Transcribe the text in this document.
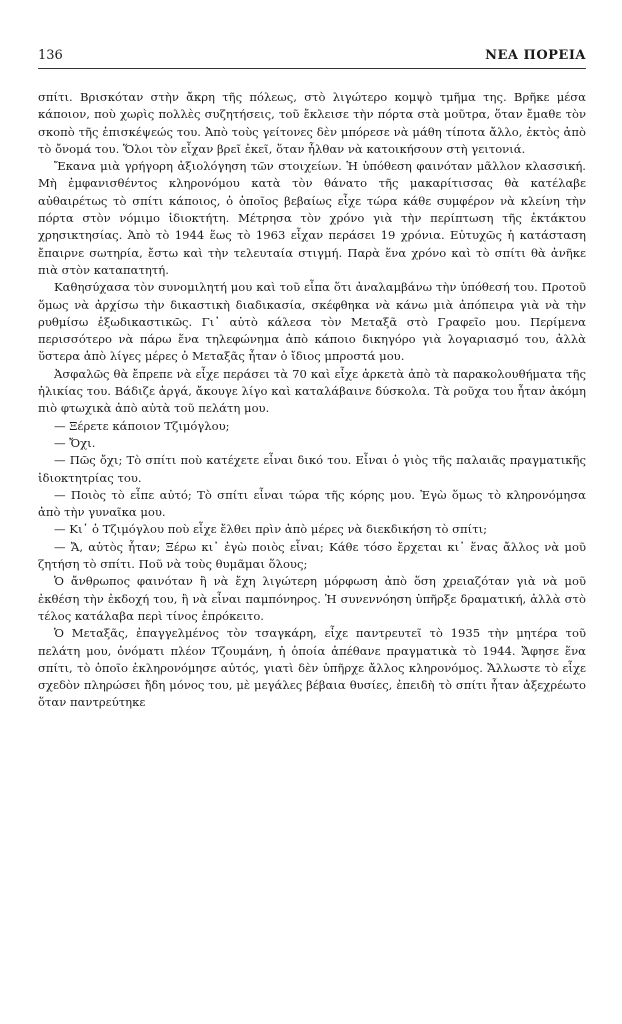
136	ΝΕΑ ΠΟΡΕΙΑ

σπίτι. Βρισκόταν στὴν ἄκρη τῆς πόλεως, στὸ λιγώτερο κομψὸ τμῆμα της. Βρῆκε μέσα κάποιον, ποὺ χωρὶς πολλὲς συζητήσεις, τοῦ ἔκλεισε τὴν πόρτα στὰ μοῦτρα, ὅταν ἔμαθε τὸν σκοπὸ τῆς ἐπισκέψεώς του. Ἀπὸ τοὺς γείτονες δὲν μπόρεσε νὰ μάθη τίποτα ἄλλο, ἐκτὸς ἀπὸ τὸ ὄνομά του. Ὅλοι τὸν εἶχαν βρεῖ ἐκεῖ, ὅταν ἦλθαν νὰ κατοικήσουν στὴ γειτονιά.

Ἔκανα μιὰ γρήγορη ἀξιολόγηση τῶν στοιχείων. Ἡ ὑπόθεση φαινόταν μᾶλλον κλασσική. Μὴ ἐμφανισθέντος κληρονόμου κατὰ τὸν θάνατο τῆς μακαρίτισσας θὰ κατέλαβε αὐθαιρέτως τὸ σπίτι κάποιος, ὁ ὁποῖος βεβαίως εἶχε τώρα κάθε συμφέρον νὰ κλείνη τὴν πόρτα στὸν νόμιμο ἰδιοκτήτη. Μέτρησα τὸν χρόνο γιὰ τὴν περίπτωση τῆς ἐκτάκτου χρησικτησίας. Ἀπὸ τὸ 1944 ἕως τὸ 1963 εἶχαν περάσει 19 χρόνια. Εὐτυχῶς ἡ κατάσταση ἔπαιρνε σωτηρία, ἔστω καὶ τὴν τελευταία στιγμή. Παρὰ ἕνα χρόνο καὶ τὸ σπίτι θὰ ἀνῆκε πιὰ στὸν καταπατητή.

Καθησύχασα τὸν συνομιλητή μου καὶ τοῦ εἶπα ὅτι ἀναλαμβάνω τὴν ὑπόθεσή του. Προτοῦ ὅμως νὰ ἀρχίσω τὴν δικαστικὴ διαδικασία, σκέφθηκα νὰ κάνω μιὰ ἀπόπειρα γιὰ νὰ τὴν ρυθμίσω ἐξωδικαστικῶς. Γι᾿ αὐτὸ κάλεσα τὸν Μεταξᾶ στὸ Γραφεῖο μου. Περίμενα περισσότερο νὰ πάρω ἕνα τηλεφώνημα ἀπὸ κάποιο δικηγόρο γιὰ λογαριασμό του, ἀλλὰ ὕστερα ἀπὸ λίγες μέρες ὁ Μεταξᾶς ἦταν ὁ ἴδιος μπροστά μου.

Ἀσφαλῶς θὰ ἔπρεπε νὰ εἶχε περάσει τὰ 70 καὶ εἶχε ἀρκετὰ ἀπὸ τὰ παρακολουθήματα τῆς ἡλικίας του. Βάδιζε ἀργά, ἄκουγε λίγο καὶ καταλάβαινε δύσκολα. Τὰ ροῦχα του ἦταν ἀκόμη πιὸ φτωχικὰ ἀπὸ αὐτὰ τοῦ πελάτη μου.

— Ξέρετε κάποιον Τζιμόγλου;

— Ὄχι.

— Πῶς ὄχι; Τὸ σπίτι ποὺ κατέχετε εἶναι δικό του. Εἶναι ὁ γιὸς τῆς παλαιᾶς πραγματικῆς ἰδιοκτητρίας του.

— Ποιὸς τὸ εἶπε αὐτό; Τὸ σπίτι εἶναι τώρα τῆς κόρης μου. Ἐγὼ ὅμως τὸ κληρονόμησα ἀπὸ τὴν γυναῖκα μου.

— Κι᾿ ὁ Τζιμόγλου ποὺ εἶχε ἔλθει πρὶν ἀπὸ μέρες νὰ διεκδικήση τὸ σπίτι;

— Ἄ, αὐτὸς ἦταν; Ξέρω κι᾿ ἐγὼ ποιὸς εἶναι; Κάθε τόσο ἔρχεται κι᾿ ἕνας ἄλλος νὰ μοῦ ζητήση τὸ σπίτι. Ποῦ νὰ τοὺς θυμᾶμαι ὅλους;

Ὁ ἄνθρωπος φαινόταν ἢ νὰ ἔχη λιγώτερη μόρφωση ἀπὸ ὅση χρειαζόταν γιὰ νὰ μοῦ ἐκθέση τὴν ἐκδοχή του, ἢ νὰ εἶναι παμπόνηρος. Ἡ συνεννόηση ὑπῆρξε δραματική, ἀλλὰ στὸ τέλος κατάλαβα περὶ τίνος ἐπρόκειτο.

Ὁ Μεταξᾶς, ἐπαγγελμένος τὸν τσαγκάρη, εἶχε παντρευτεῖ τὸ 1935 τὴν μητέρα τοῦ πελάτη μου, ὀνόματι πλέον Τζουμάνη, ἡ ὁποία ἀπέθανε πραγματικὰ τὸ 1944. Ἄφησε ἕνα σπίτι, τὸ ὁποῖο ἐκληρονόμησε αὐτός, γιατὶ δὲν ὑπῆρχε ἄλλος κληρονόμος. Ἄλλωστε τὸ εἶχε σχεδὸν πληρώσει ἤδη μόνος του, μὲ μεγάλες βέβαια θυσίες, ἐπειδὴ τὸ σπίτι ἦταν ἀξεχρέωτο ὅταν παντρεύτηκε
